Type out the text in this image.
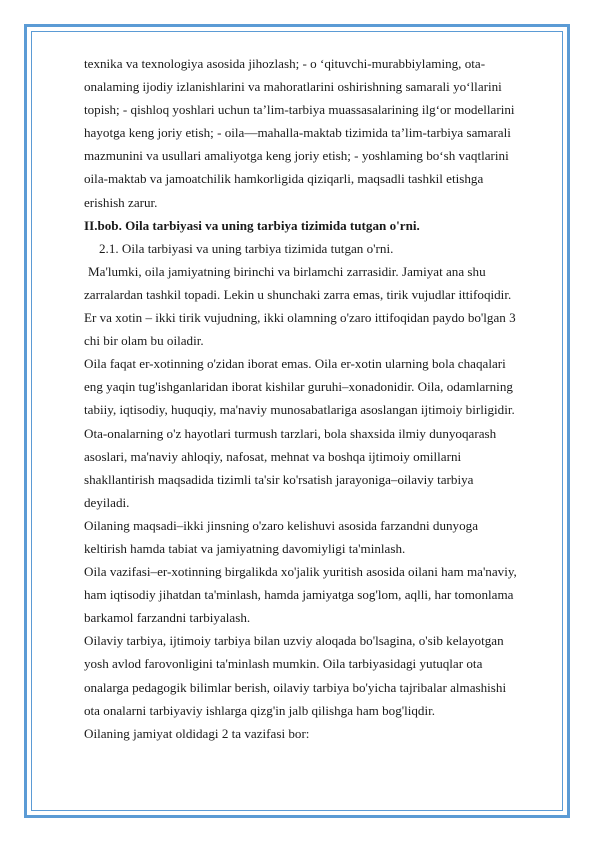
texnika va texnologiya asosida jihozlash; - o ‘qituvchi-murabbiylaming, ota-
onalaming ijodiy izlanishlarini va mahoratlarini oshirishning samarali yo‘llarini
topish; - qishloq yoshlari uchun ta’lim-tarbiya muassasalarining ilg‘or modellarini
hayotga keng joriy etish; - oila—mahalla-maktab tizimida ta’lim-tarbiya samarali
mazmunini va usullari amaliyotga keng joriy etish; - yoshlaming bo‘sh vaqtlarini
oila-maktab va jamoatchilik hamkorligida qiziqarli, maqsadli tashkil etishga
erishish zarur.
II.bob. Oila tarbiyasi va uning tarbiya tizimida tutgan o'rni.
2.1. Oila tarbiyasi va uning tarbiya tizimida tutgan o'rni.
Ma'lumki, oila jamiyatning birinchi va birlamchi zarrasidir. Jamiyat ana shu
zarralardan tashkil topadi. Lekin u shunchaki zarra emas, tirik vujudlar ittifoqidir.
Er va xotin – ikki tirik vujudning, ikki olamning o'zaro ittifoqidan paydo bo'lgan 3
chi bir olam bu oiladir.
Oila faqat er-xotinning o'zidan iborat emas. Oila er-xotin ularning bola chaqalari
eng yaqin tug'ishganlaridan iborat kishilar guruhi–xonadonidir. Oila, odamlarning
tabiiy, iqtisodiy, huquqiy, ma'naviy munosabatlariga asoslangan ijtimoiy birligidir.
Ota-onalarning o'z hayotlari turmush tarzlari, bola shaxsida ilmiy dunyoqarash
asoslari, ma'naviy ahloqiy, nafosat, mehnat va boshqa ijtimoiy omillarni
shakllantirish maqsadida tizimli ta'sir ko'rsatish jarayoniga–oilaviy tarbiya
deyiladi.
Oilaning maqsadi–ikki jinsning o'zaro kelishuvi asosida farzandni dunyoga
keltirish hamda tabiat va jamiyatning davomiyligi ta'minlash.
Oila vazifasi–er-xotinning birgalikda xo'jalik yuritish asosida oilani ham ma'naviy,
ham iqtisodiy jihatdan ta'minlash, hamda jamiyatga sog'lom, aqlli, har tomonlama
barkamol farzandni tarbiyalash.
Oilaviy tarbiya, ijtimoiy tarbiya bilan uzviy aloqada bo'lsagina, o'sib kelayotgan
yosh avlod farovonligini ta'minlash mumkin. Oila tarbiyasidagi yutuqlar ota
onalarga pedagogik bilimlar berish, oilaviy tarbiya bo'yicha tajribalar almashishi
ota onalarni tarbiyaviy ishlarga qizg'in jalb qilishga ham bog'liqdir.
Oilaning jamiyat oldidagi 2 ta vazifasi bor:
